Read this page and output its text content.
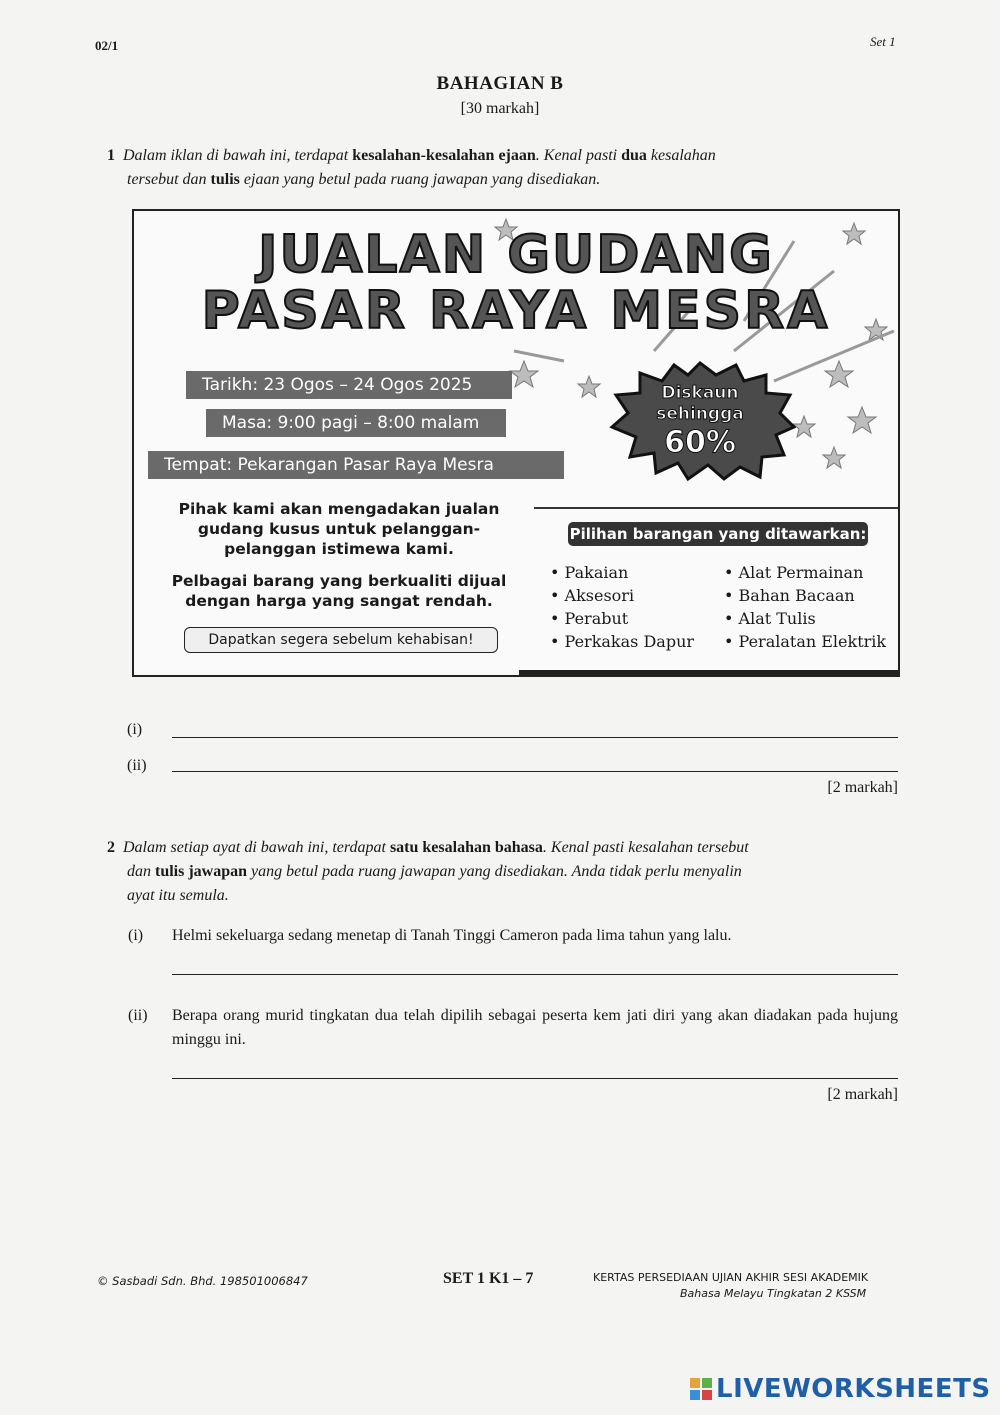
02/1	Set 1
BAHAGIAN B
[30 markah]
1 Dalam iklan di bawah ini, terdapat kesalahan-kesalahan ejaan. Kenal pasti dua kesalahan
tersebut dan tulis ejaan yang betul pada ruang jawapan yang disediakan.
JUALAN GUDANG
PASAR RAYA MESRA
Tarikh: 23 Ogos – 24 Ogos 2025
Masa: 9:00 pagi – 8:00 malam
Tempat: Pekarangan Pasar Raya Mesra
Diskaun
sehingga
60%
Pihak kami akan mengadakan jualan gudang kusus untuk pelanggan-pelanggan istimewa kami.
Pelbagai barang yang berkualiti dijual dengan harga yang sangat rendah.
Dapatkan segera sebelum kehabisan!
Pilihan barangan yang ditawarkan:
• Pakaian
• Aksesori
• Perabut
• Perkakas Dapur
• Alat Permainan
• Bahan Bacaan
• Alat Tulis
• Peralatan Elektrik
(i)
(ii)
[2 markah]
2 Dalam setiap ayat di bawah ini, terdapat satu kesalahan bahasa. Kenal pasti kesalahan tersebut
dan tulis jawapan yang betul pada ruang jawapan yang disediakan. Anda tidak perlu menyalin
ayat itu semula.
(i) Helmi sekeluarga sedang menetap di Tanah Tinggi Cameron pada lima tahun yang lalu.
(ii) Berapa orang murid tingkatan dua telah dipilih sebagai peserta kem jati diri yang akan diadakan pada hujung minggu ini.
[2 markah]
© Sasbadi Sdn. Bhd. 198501006847	SET 1 K1 – 7	KERTAS PERSEDIAAN UJIAN AKHIR SESI AKADEMIK
Bahasa Melayu Tingkatan 2 KSSM
LIVEWORKSHEETS
